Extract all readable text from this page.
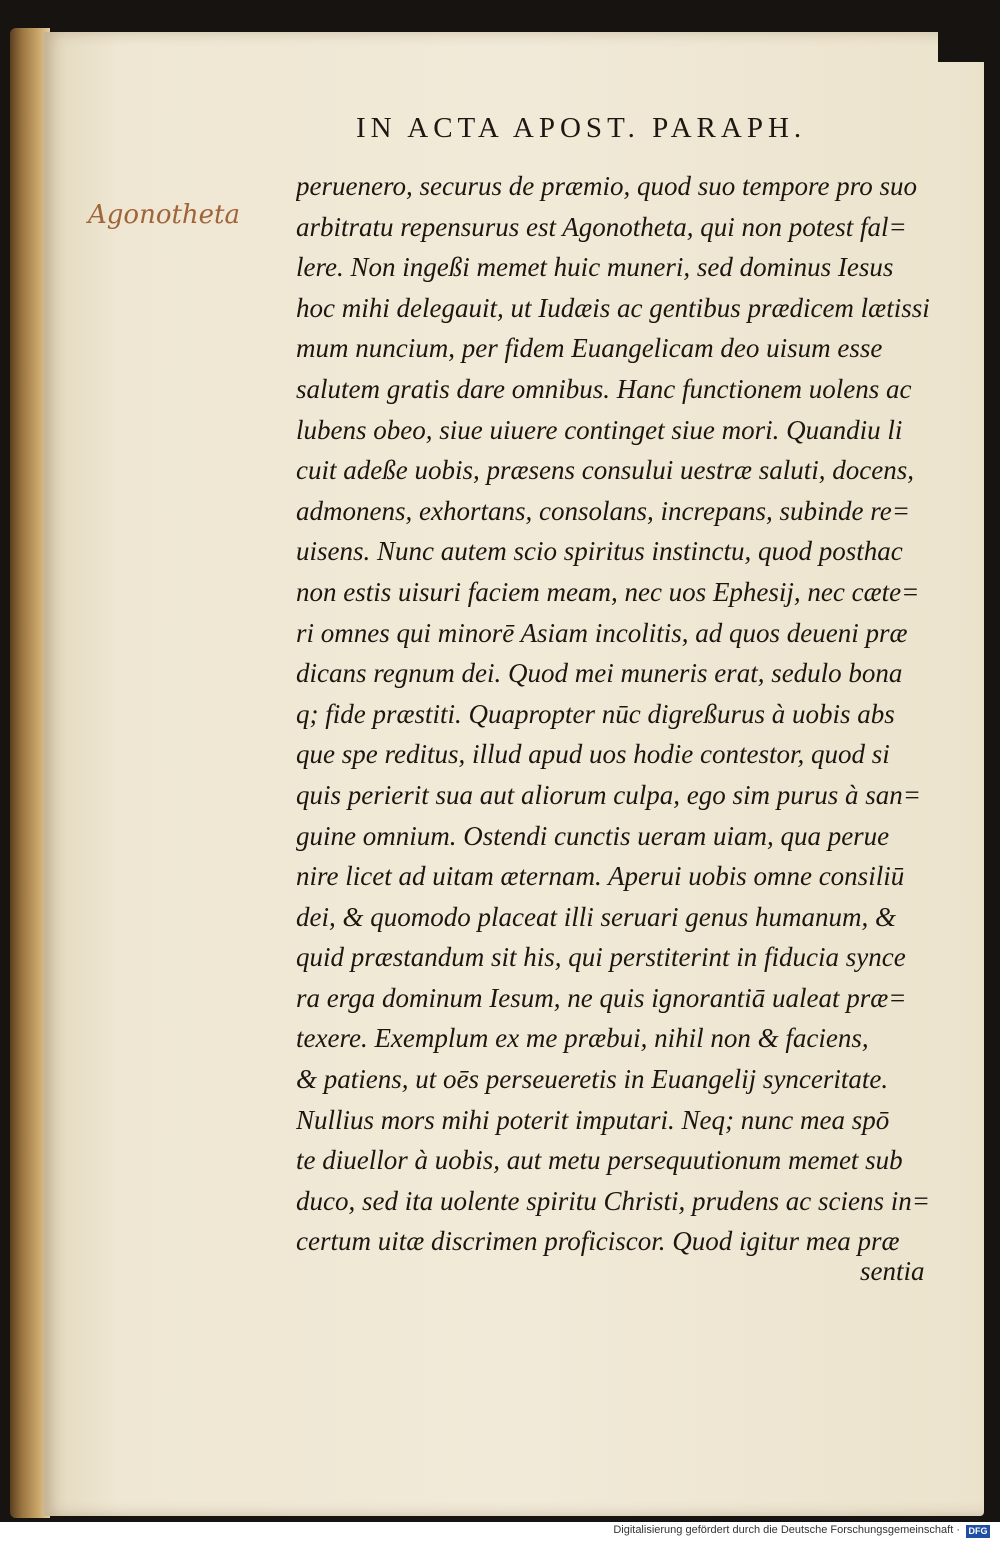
IN ACTA APOST. PARAPH.
Agonotheta
peruenero, securus de præmio, quod suo tempore pro suo
arbitratu repensurus est Agonotheta, qui non potest fal=
lere. Non ingeßi memet huic muneri, sed dominus Iesus
hoc mihi delegauit, ut Iudæis ac gentibus prædicem lætissi
mum nuncium, per fidem Euangelicam deo uisum esse
salutem gratis dare omnibus. Hanc functionem uolens ac
lubens obeo, siue uiuere continget siue mori. Quandiu li
cuit adeße uobis, præsens consului uestræ saluti, docens,
admonens, exhortans, consolans, increpans, subinde re=
uisens. Nunc autem scio spiritus instinctu, quod posthac
non estis uisuri faciem meam, nec uos Ephesij, nec cæte=
ri omnes qui minorē Asiam incolitis, ad quos deueni præ
dicans regnum dei. Quod mei muneris erat, sedulo bona
q; fide præstiti. Quapropter nūc digreßurus à uobis abs
que spe reditus, illud apud uos hodie contestor, quod si
quis perierit sua aut aliorum culpa, ego sim purus à san=
guine omnium. Ostendi cunctis ueram uiam, qua perue
nire licet ad uitam æternam. Aperui uobis omne consiliū
dei, & quomodo placeat illi seruari genus humanum, &
quid præstandum sit his, qui perstiterint in fiducia synce
ra erga dominum Iesum, ne quis ignorantiā ualeat præ=
texere. Exemplum ex me præbui, nihil non & faciens,
& patiens, ut oēs perseueretis in Euangelij synceritate.
Nullius mors mihi poterit imputari. Neq; nunc mea spō
te diuellor à uobis, aut metu persequutionum memet sub
duco, sed ita uolente spiritu Christi, prudens ac sciens in=
certum uitæ discrimen proficiscor. Quod igitur mea præ
sentia
Digitalisierung gefördert durch die Deutsche Forschungsgemeinschaft · DFG
